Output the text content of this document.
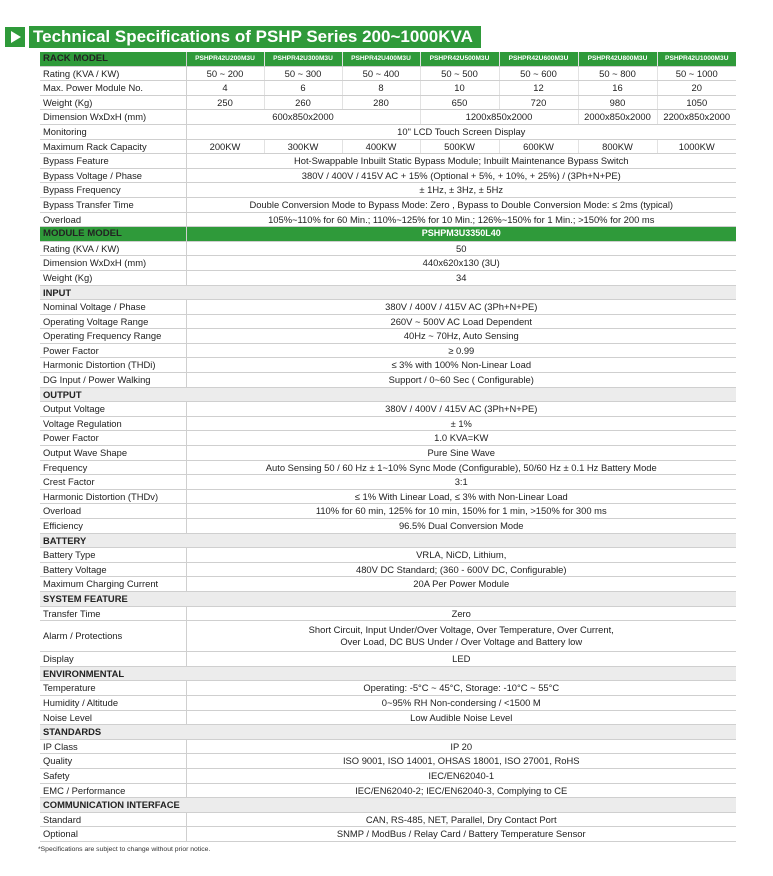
Technical Specifications of PSHP Series 200~1000KVA
RACK MODEL	PSHPR42U200M3U	PSHPR42U300M3U	PSHPR42U400M3U	PSHPR42U500M3U	PSHPR42U600M3U	PSHPR42U800M3U	PSHPR42U1000M3U
Rating (KVA / KW)	50 ~ 200	50 ~ 300	50 ~ 400	50 ~ 500	50 ~ 600	50 ~ 800	50 ~ 1000
Max. Power Module No.	4	6	8	10	12	16	20
Weight (Kg)	250	260	280	650	720	980	1050
Dimension WxDxH (mm)	600x850x2000			1200x850x2000		2000x850x2000	2200x850x2000
Monitoring	10" LCD Touch Screen Display						
Maximum Rack Capacity	200KW	300KW	400KW	500KW	600KW	800KW	1000KW
Bypass Feature	Hot-Swappable Inbuilt Static Bypass Module; Inbuilt Maintenance Bypass Switch						
Bypass Voltage / Phase	380V / 400V / 415V AC + 15% (Optional + 5%, + 10%, + 25%) / (3Ph+N+PE)						
Bypass Frequency	± 1Hz, ± 3Hz, ± 5Hz						
Bypass Transfer Time	Double Conversion Mode to Bypass Mode: Zero , Bypass to Double Conversion Mode: ≤ 2ms (typical)						
Overload	105%~110% for 60 Min.; 110%~125% for 10 Min.; 126%~150% for 1 Min.; >150% for 200 ms						
MODULE MODEL	PSHPM3U3350L40						
Rating (KVA / KW)	50						
Dimension WxDxH (mm)	440x620x130 (3U)						
Weight (Kg)	34						
INPUT							
Nominal Voltage / Phase	380V / 400V / 415V AC (3Ph+N+PE)						
Operating Voltage Range	260V ~ 500V AC Load Dependent						
Operating Frequency Range	40Hz ~ 70Hz, Auto Sensing						
Power Factor	≥ 0.99						
Harmonic Distortion (THDi)	≤ 3% with 100% Non-Linear Load						
DG Input / Power Walking	Support / 0~60 Sec ( Configurable)						
OUTPUT							
Output Voltage	380V / 400V / 415V AC (3Ph+N+PE)						
Voltage Regulation	± 1%						
Power Factor	1.0 KVA=KW						
Output Wave Shape	Pure Sine Wave						
Frequency	Auto Sensing 50 / 60 Hz ± 1~10% Sync Mode (Configurable), 50/60 Hz ± 0.1 Hz Battery Mode						
Crest Factor	3:1						
Harmonic Distortion (THDv)	≤ 1% With Linear Load, ≤ 3% with Non-Linear Load						
Overload	110% for 60 min, 125% for 10 min, 150% for 1 min, >150% for 300 ms						
Efficiency	96.5% Dual Conversion Mode						
BATTERY							
Battery Type	VRLA, NiCD, Lithium,						
Battery Voltage	480V DC Standard; (360 - 600V DC, Configurable)						
Maximum Charging Current	20A Per Power Module						
SYSTEM FEATURE							
Transfer Time	Zero						
Alarm / Protections	Short Circuit, Input Under/Over Voltage, Over Temperature, Over Current,
Over Load, DC BUS Under / Over Voltage and Battery low						

Display	LED						
ENVIRONMENTAL							
Temperature	Operating: -5°C ~ 45°C, Storage: -10°C ~ 55°C						
Humidity / Altitude	0~95% RH Non-condersing / <1500 M						
Noise Level	Low Audible Noise Level						
STANDARDS							
IP Class	IP 20						
Quality	ISO 9001, ISO 14001, OHSAS 18001, ISO 27001, RoHS						
Safety	IEC/EN62040-1						
EMC / Performance	IEC/EN62040-2; IEC/EN62040-3, Complying to CE						
COMMUNICATION INTERFACE							
Standard	CAN, RS-485, NET, Parallel, Dry Contact Port						
Optional	SNMP / ModBus / Relay Card / Battery Temperature Sensor						
*Specifications are subject to change without prior notice.
